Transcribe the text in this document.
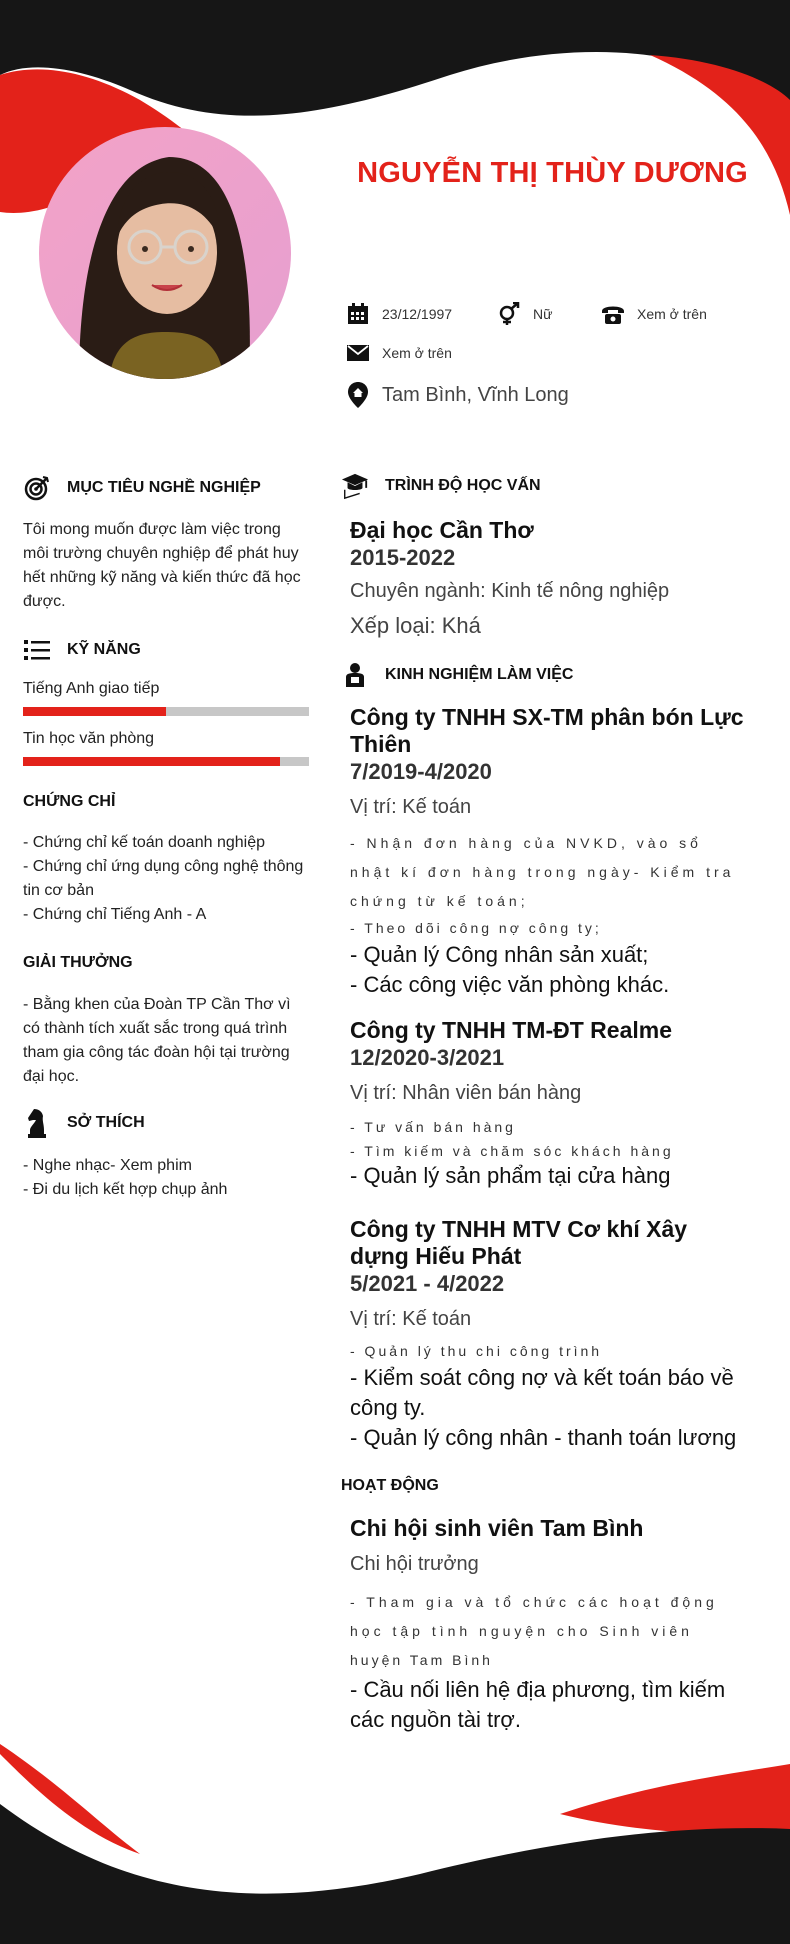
NGUYỄN THỊ THÙY DƯƠNG
23/12/1997	Nữ	Xem ở trên
Xem ở trên
Tam Bình, Vĩnh Long
MỤC TIÊU NGHỀ NGHIỆP
Tôi mong muốn được làm việc trong
môi trường chuyên nghiệp để phát huy
hết những kỹ năng và kiến thức đã học
được.
KỸ NĂNG
Tiếng Anh giao tiếp
Tin học văn phòng
CHỨNG CHỈ
- Chứng chỉ kế toán doanh nghiệp
- Chứng chỉ ứng dụng công nghệ thông
tin cơ bản
- Chứng chỉ Tiếng Anh - A
GIẢI THƯỞNG
- Bằng khen của Đoàn TP Cần Thơ vì
có thành tích xuất sắc trong quá trình
tham gia công tác đoàn hội tại trường
đại học.
SỞ THÍCH
- Nghe nhạc- Xem phim
- Đi du lịch kết hợp chụp ảnh
TRÌNH ĐỘ HỌC VẤN
Đại học Cần Thơ
2015-2022
Chuyên ngành: Kinh tế nông nghiệp
Xếp loại: Khá
KINH NGHIỆM LÀM VIỆC
Công ty TNHH SX-TM phân bón Lực
Thiên
7/2019-4/2020
Vị trí: Kế toán
- Nhận đơn hàng của NVKD, vào sổ
nhật kí đơn hàng trong ngày- Kiểm tra
chứng từ kế toán;
- Theo dõi công nợ công ty;
- Quản lý Công nhân sản xuất;
- Các công việc văn phòng khác.
Công ty TNHH TM-ĐT Realme
12/2020-3/2021
Vị trí: Nhân viên bán hàng
- Tư vấn bán hàng
- Tìm kiếm và chăm sóc khách hàng
- Quản lý sản phẩm tại cửa hàng
Công ty TNHH MTV Cơ khí Xây
dựng Hiếu Phát
5/2021 - 4/2022
Vị trí: Kế toán
- Quản lý thu chi công trình
- Kiểm soát công nợ và kết toán báo về
công ty.
- Quản lý công nhân - thanh toán lương
HOẠT ĐỘNG
Chi hội sinh viên Tam Bình
Chi hội trưởng
- Tham gia và tổ chức các hoạt động
học tập tình nguyện cho Sinh viên
huyện Tam Bình
- Cầu nối liên hệ địa phương, tìm kiếm
các nguồn tài trợ.
